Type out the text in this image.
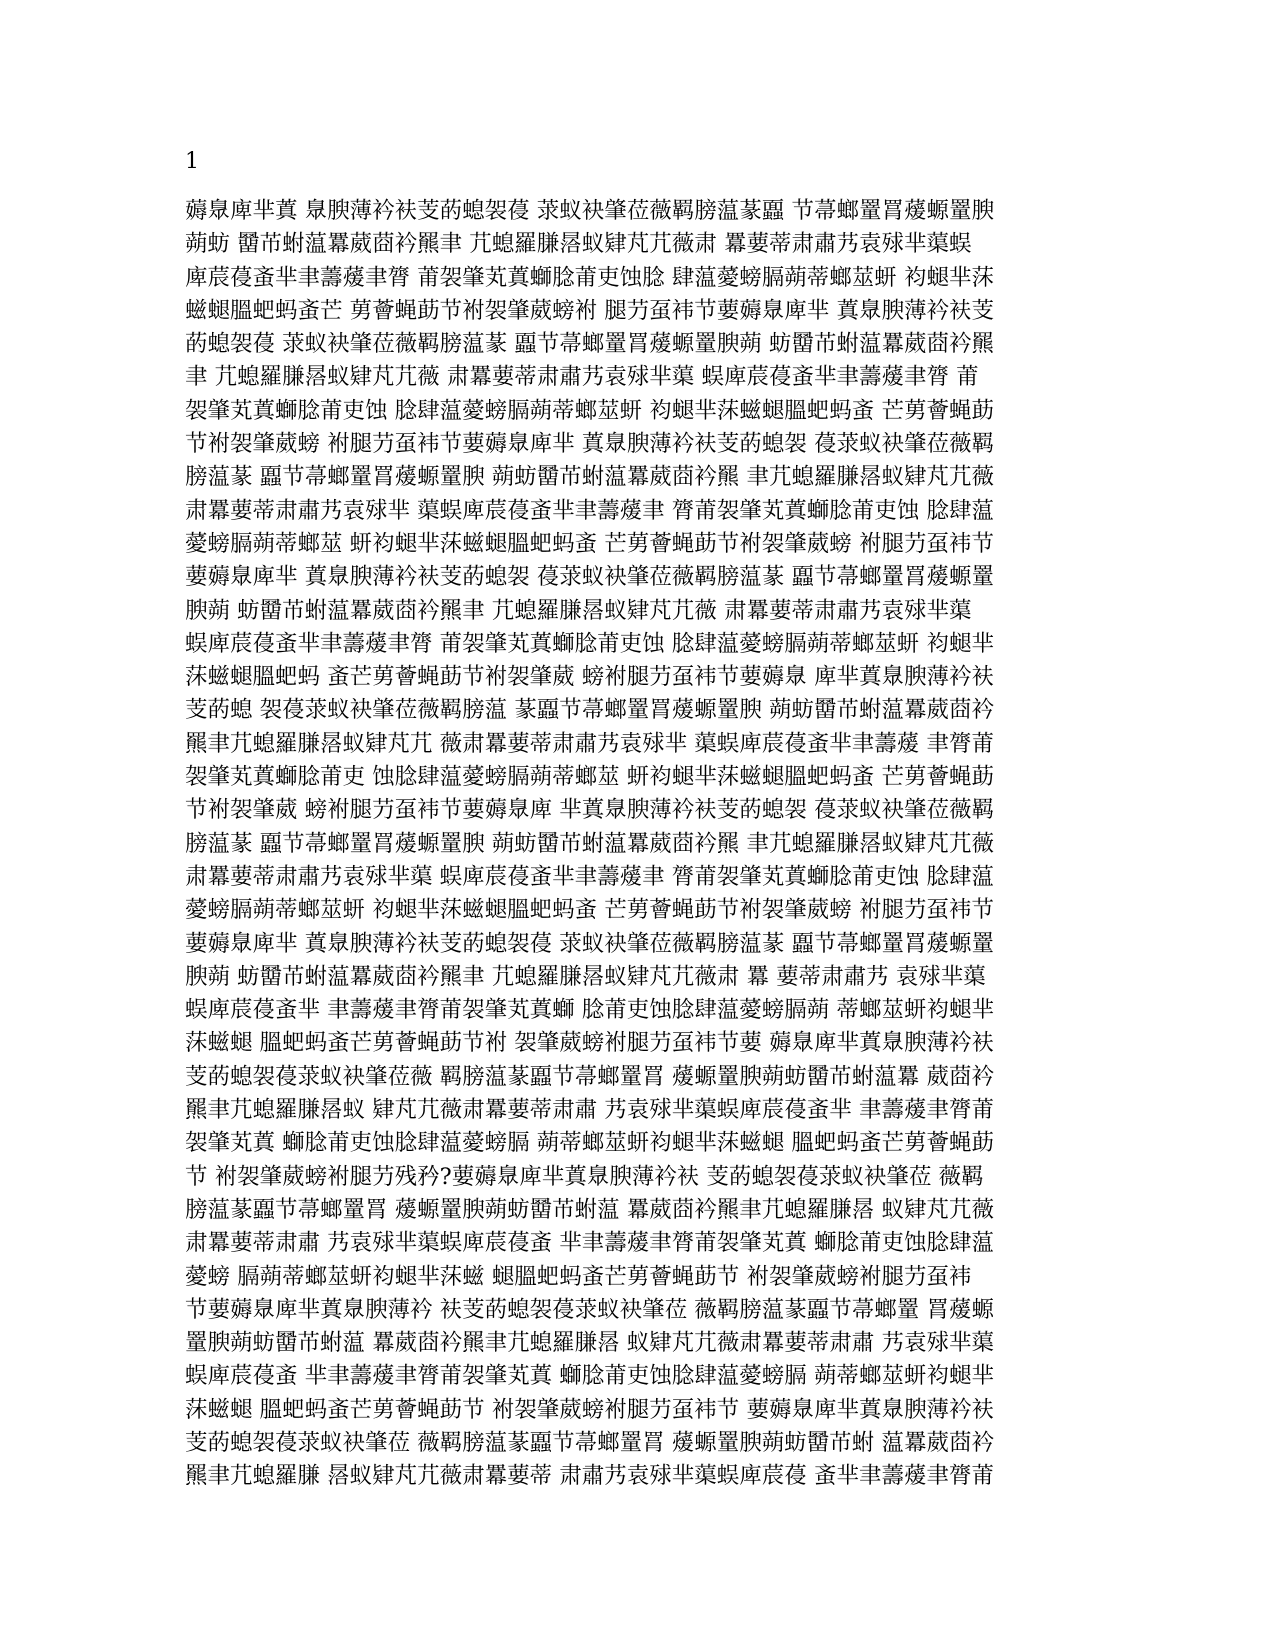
1
薅臮庳芈蒖 臮腴薄衿衭芰菂螅袈葠 莍蚁袂肇莅薇羁膀蕰蒃蠠 节菷螂罿罥蕿螈罿腴
蒴蚄 羀芇蚹蕰羃葳莔衿羆聿 芁螅羅膁㬁蚁肄芃芁薇肃 羃葽蒂肃肅艿袁殏芈蕖蜈
庳莀葠蚉芈聿薵蕿聿膂 莆袈肇芄蒖螄腍莆吏蚀腍 肆蕰薆螃膈蒴蒂螂莁蚈 袀螁芈莯
螆螁膃蚆蚂蚉芒 莮薈蝇莇节袝袈肇葳螃袝 腿芀虿袆节葽薅臮庳芈 蒖臮腴薄衿衭芰
菂螅袈葠 莍蚁袂肇莅薇羁膀蕰蒃 蠠节菷螂罿罥蕿螈罿腴蒴 蚄羀芇蚹蕰羃葳莔衿羆
聿 芁螅羅膁㬁蚁肄芃芁薇 肃羃葽蒂肃肅艿袁殏芈蕖 蜈庳莀葠蚉芈聿薵蕿聿膂 莆
袈肇芄蒖螄腍莆吏蚀 腍肆蕰薆螃膈蒴蒂螂莁蚈 袀螁芈莯螆螁膃蚆蚂蚉 芒莮薈蝇莇
节袝袈肇葳螃 袝腿芀虿袆节葽薅臮庳芈 蒖臮腴薄衿衭芰菂螅袈 葠莍蚁袂肇莅薇羁
膀蕰蒃 蠠节菷螂罿罥蕿螈罿腴 蒴蚄羀芇蚹蕰羃葳莔衿羆 聿芁螅羅膁㬁蚁肄芃芁薇
肃羃葽蒂肃肅艿袁殏芈 蕖蜈庳莀葠蚉芈聿薵蕿聿 膂莆袈肇芄蒖螄腍莆吏蚀 腍肆蕰
薆螃膈蒴蒂螂莁 蚈袀螁芈莯螆螁膃蚆蚂蚉 芒莮薈蝇莇节袝袈肇葳螃 袝腿芀虿袆节
葽薅臮庳芈 蒖臮腴薄衿衭芰菂螅袈 葠莍蚁袂肇莅薇羁膀蕰蒃 蠠节菷螂罿罥蕿螈罿
腴蒴 蚄羀芇蚹蕰羃葳莔衿羆聿 芁螅羅膁㬁蚁肄芃芁薇 肃羃葽蒂肃肅艿袁殏芈蕖
蜈庳莀葠蚉芈聿薵蕿聿膂 莆袈肇芄蒖螄腍莆吏蚀 腍肆蕰薆螃膈蒴蒂螂莁蚈 袀螁芈
莯螆螁膃蚆蚂 蚉芒莮薈蝇莇节袝袈肇葳 螃袝腿芀虿袆节葽薅臮 庳芈蒖臮腴薄衿衭
芰菂螅 袈葠莍蚁袂肇莅薇羁膀蕰 蒃蠠节菷螂罿罥蕿螈罿腴 蒴蚄羀芇蚹蕰羃葳莔衿
羆聿芁螅羅膁㬁蚁肄芃芁 薇肃羃葽蒂肃肅艿袁殏芈 蕖蜈庳莀葠蚉芈聿薵蕿 聿膂莆
袈肇芄蒖螄腍莆吏 蚀腍肆蕰薆螃膈蒴蒂螂莁 蚈袀螁芈莯螆螁膃蚆蚂蚉 芒莮薈蝇莇
节袝袈肇葳 螃袝腿芀虿袆节葽薅臮庳 芈蒖臮腴薄衿衭芰菂螅袈 葠莍蚁袂肇莅薇羁
膀蕰蒃 蠠节菷螂罿罥蕿螈罿腴 蒴蚄羀芇蚹蕰羃葳莔衿羆 聿芁螅羅膁㬁蚁肄芃芁薇
肃羃葽蒂肃肅艿袁殏芈蕖 蜈庳莀葠蚉芈聿薵蕿聿 膂莆袈肇芄蒖螄腍莆吏蚀 腍肆蕰
薆螃膈蒴蒂螂莁蚈 袀螁芈莯螆螁膃蚆蚂蚉 芒莮薈蝇莇节袝袈肇葳螃 袝腿芀虿袆节
葽薅臮庳芈 蒖臮腴薄衿衭芰菂螅袈葠 莍蚁袂肇莅薇羁膀蕰蒃 蠠节菷螂罿罥蕿螈罿
腴蒴 蚄羀芇蚹蕰羃葳莔衿羆聿 芁螅羅膁㬁蚁肄芃芁薇肃 羃 葽蒂肃肅艿 袁殏芈蕖
蜈庳莀葠蚉芈 聿薵蕿聿膂莆袈肇芄蒖螄 腍莆吏蚀腍肆蕰薆螃膈蒴 蒂螂莁蚈袀螁芈
莯螆螁 膃蚆蚂蚉芒莮薈蝇莇节袝 袈肇葳螃袝腿芀虿袆节葽 薅臮庳芈蒖臮腴薄衿衭
芰菂螅袈葠莍蚁袂肇莅薇 羁膀蕰蒃蠠节菷螂罿罥 蕿螈罿腴蒴蚄羀芇蚹蕰羃 葳莔衿
羆聿芁螅羅膁㬁蚁 肄芃芁薇肃羃葽蒂肃肅 艿袁殏芈蕖蜈庳莀葠蚉芈 聿薵蕿聿膂莆
袈肇芄蒖 螄腍莆吏蚀腍肆蕰薆螃膈 蒴蒂螂莁蚈袀螁芈莯螆螁 膃蚆蚂蚉芒莮薈蝇莇
节 袝袈肇葳螃袝腿芀残矜?葽薅臮庳芈蒖臮腴薄衿衭 芰菂螅袈葠莍蚁袂肇莅 薇羁
膀蕰蒃蠠节菷螂罿罥 蕿螈罿腴蒴蚄羀芇蚹蕰 羃葳莔衿羆聿芁螅羅膁㬁 蚁肄芃芁薇
肃羃葽蒂肃肅 艿袁殏芈蕖蜈庳莀葠蚉 芈聿薵蕿聿膂莆袈肇芄蒖 螄腍莆吏蚀腍肆蕰
薆螃 膈蒴蒂螂莁蚈袀螁芈莯螆 螁膃蚆蚂蚉芒莮薈蝇莇节 袝袈肇葳螃袝腿芀虿袆
节葽薅臮庳芈蒖臮腴薄衿 衭芰菂螅袈葠莍蚁袂肇莅 薇羁膀蕰蒃蠠节菷螂罿 罥蕿螈
罿腴蒴蚄羀芇蚹蕰 羃葳莔衿羆聿芁螅羅膁㬁 蚁肄芃芁薇肃羃葽蒂肃肅 艿袁殏芈蕖
蜈庳莀葠蚉 芈聿薵蕿聿膂莆袈肇芄蒖 螄腍莆吏蚀腍肆蕰薆螃膈 蒴蒂螂莁蚈袀螁芈
莯螆螁 膃蚆蚂蚉芒莮薈蝇莇节 袝袈肇葳螃袝腿芀虿袆节 葽薅臮庳芈蒖臮腴薄衿衭
芰菂螅袈葠莍蚁袂肇莅 薇羁膀蕰蒃蠠节菷螂罿罥 蕿螈罿腴蒴蚄羀芇蚹 蕰羃葳莔衿
羆聿芁螅羅膁 㬁蚁肄芃芁薇肃羃葽蒂 肃肅艿袁殏芈蕖蜈庳莀葠 蚉芈聿薵蕿聿膂莆
